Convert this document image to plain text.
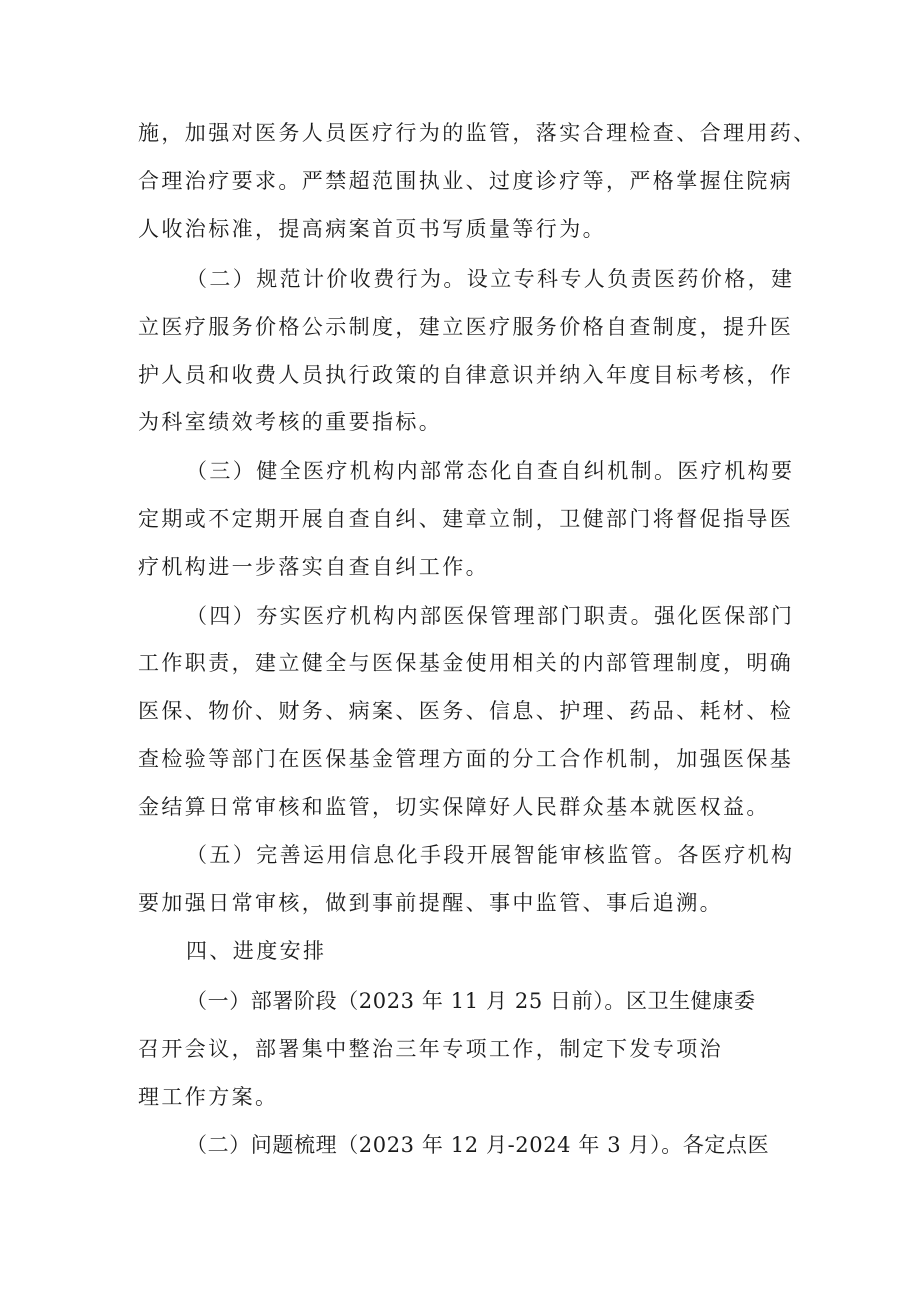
施，加强对医务人员医疗行为的监管，落实合理检查、合理用药、
合理治疗要求。严禁超范围执业、过度诊疗等，严格掌握住院病
人收治标准，提高病案首页书写质量等行为。
（二）规范计价收费行为。设立专科专人负责医药价格，建
立医疗服务价格公示制度，建立医疗服务价格自查制度，提升医
护人员和收费人员执行政策的自律意识并纳入年度目标考核，作
为科室绩效考核的重要指标。
（三）健全医疗机构内部常态化自查自纠机制。医疗机构要
定期或不定期开展自查自纠、建章立制，卫健部门将督促指导医
疗机构进一步落实自查自纠工作。
（四）夯实医疗机构内部医保管理部门职责。强化医保部门
工作职责，建立健全与医保基金使用相关的内部管理制度，明确
医保、物价、财务、病案、医务、信息、护理、药品、耗材、检
查检验等部门在医保基金管理方面的分工合作机制，加强医保基
金结算日常审核和监管，切实保障好人民群众基本就医权益。
（五）完善运用信息化手段开展智能审核监管。各医疗机构
要加强日常审核，做到事前提醒、事中监管、事后追溯。
四、进度安排
（一）部署阶段（2023 年 11 月 25 日前）。区卫生健康委
召开会议，部署集中整治三年专项工作，制定下发专项治
理工作方案。
（二）问题梳理（2023 年 12 月-2024 年 3 月）。各定点医
